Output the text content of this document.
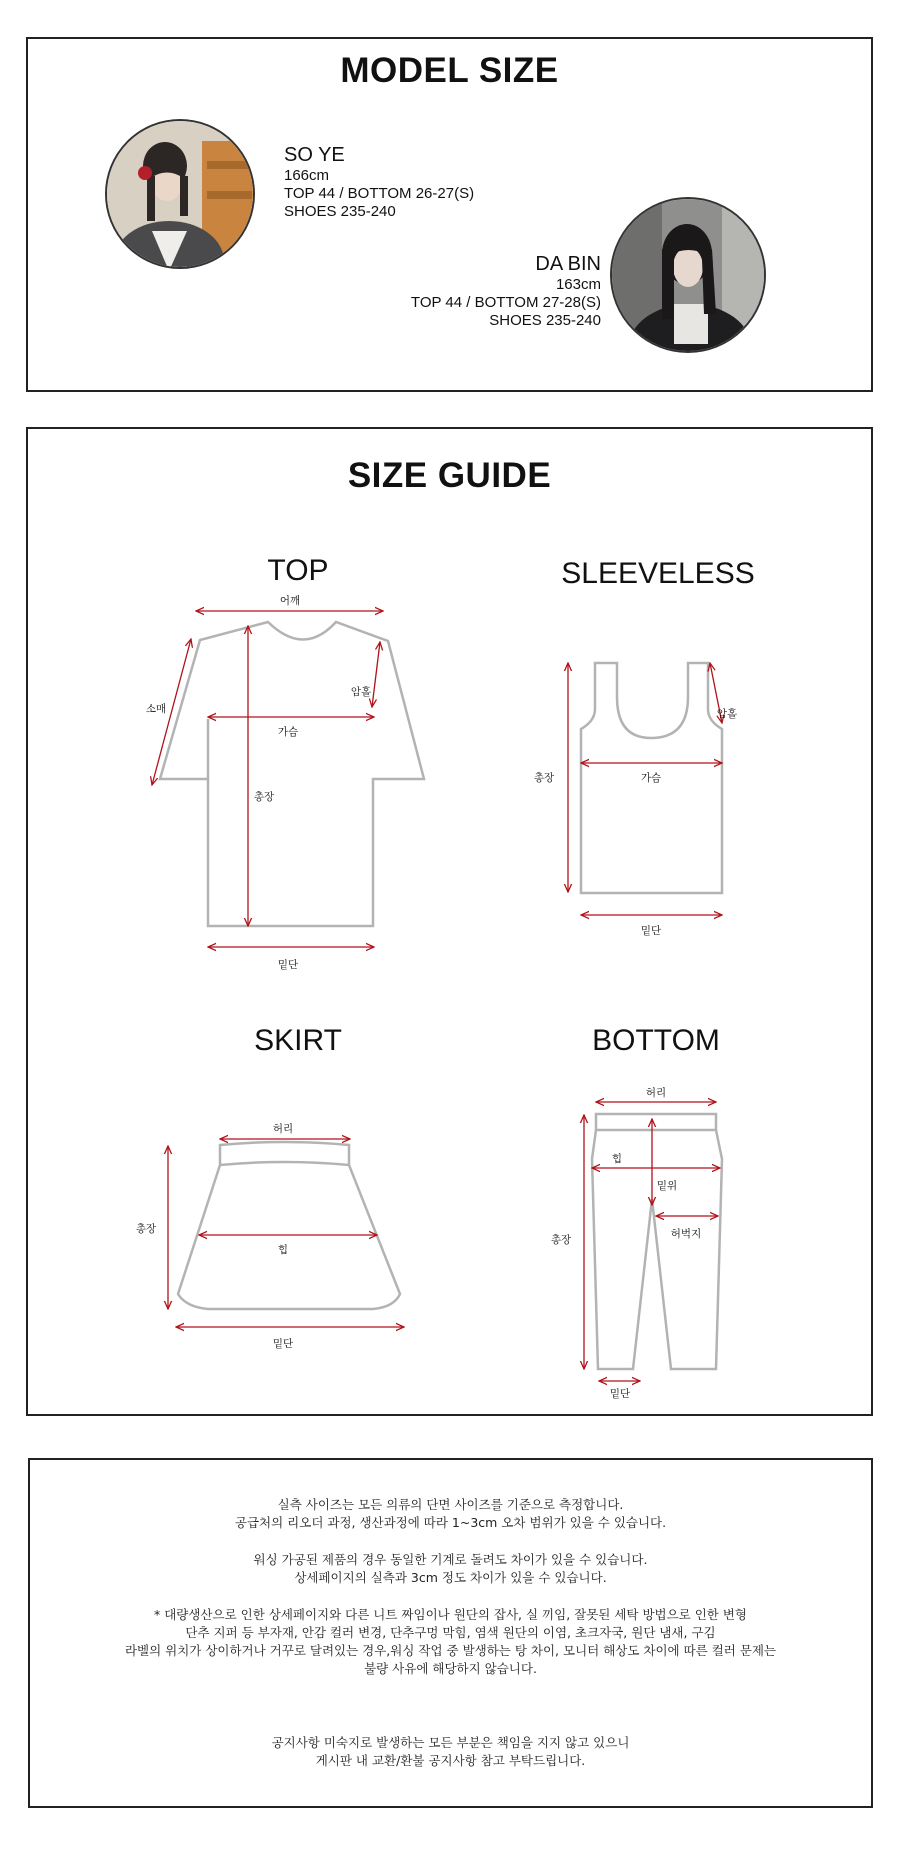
MODEL SIZE
SO YE
166cm
TOP 44 / BOTTOM 26-27(S)
SHOES 235-240
DA BIN
163cm
TOP 44 / BOTTOM 27-28(S)
SHOES 235-240
SIZE GUIDE
TOP
어깨
소매
암홀
가슴
총장
밑단
총장
암홀
가슴
밑단
허리
총장
힙
밑단
허리
총장
힙
밑위
허벅지
밑단
SLEEVELESS
SKIRT	BOTTOM
실측 사이즈는 모든 의류의 단면 사이즈를 기준으로 측정합니다.
공급처의 리오더 과정, 생산과정에 따라 1~3cm 오차 범위가 있을 수 있습니다.
워싱 가공된 제품의 경우 동일한 기계로 돌려도 차이가 있을 수 있습니다.
상세페이지의 실측과 3cm 정도 차이가 있을 수 있습니다.
* 대량생산으로 인한 상세페이지와 다른 니트 짜임이나 원단의 잡사, 실 끼임, 잘못된 세탁 방법으로 인한 변형
단추 지퍼 등 부자재, 안감 컬러 변경, 단추구멍 막힘, 염색 원단의 이염, 초크자국, 원단 냄새, 구김
라벨의 위치가 상이하거나 거꾸로 달려있는 경우,워싱 작업 중 발생하는 탕 차이, 모니터 해상도 차이에 따른 컬러 문제는
불량 사유에 해당하지 않습니다.
공지사항 미숙지로 발생하는 모든 부분은 책임을 지지 않고 있으니
게시판 내 교환/환불 공지사항 참고 부탁드립니다.
